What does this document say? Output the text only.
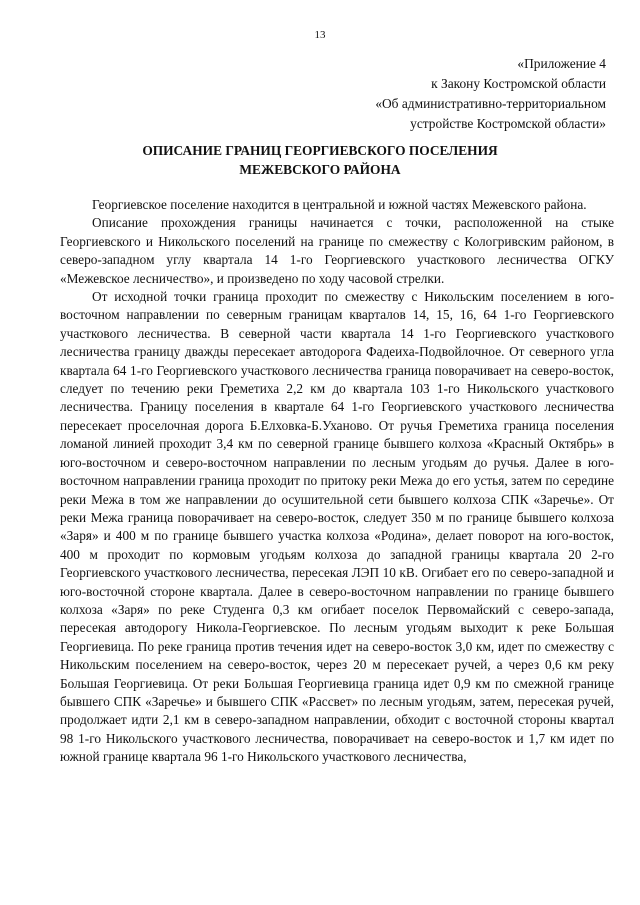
13
«Приложение 4
к Закону Костромской области
«Об административно-территориальном
устройстве Костромской области»
ОПИСАНИЕ ГРАНИЦ ГЕОРГИЕВСКОГО ПОСЕЛЕНИЯ
МЕЖЕВСКОГО РАЙОНА

Георгиевское поселение находится в центральной и южной частях Межевского района.

Описание прохождения границы начинается с точки, расположенной на стыке Георгиевского и Никольского поселений на границе по смежеству с Кологривским районом, в северо-западном углу квартала 14 1-го Георгиевского участкового лесничества ОГКУ «Межевское лесничество», и произведено по ходу часовой стрелки.

От исходной точки граница проходит по смежеству с Никольским поселением в юго-восточном направлении по северным границам кварталов 14, 15, 16, 64 1-го Георгиевского участкового лесничества. В северной части квартала 14 1-го Георгиевского участкового лесничества границу дважды пересекает автодорога Фадеиха-Подвойлочное. От северного угла квартала 64 1-го Георгиевского участкового лесничества граница поворачивает на северо-восток, следует по течению реки Греметиха 2,2 км до квартала 103 1-го Никольского участкового лесничества. Границу поселения в квартале 64 1-го Георгиевского участкового лесничества пересекает проселочная дорога Б.Елховка-Б.Уханово. От ручья Греметиха граница поселения ломаной линией проходит 3,4 км по северной границе бывшего колхоза «Красный Октябрь» в юго-восточном и северо-восточном направлении по лесным угодьям до ручья. Далее в юго-восточном направлении граница проходит по притоку реки Межа до его устья, затем по середине реки Межа в том же направлении до осушительной сети бывшего колхоза СПК «Заречье». От реки Межа граница поворачивает на северо-восток, следует 350 м по границе бывшего колхоза «Заря» и 400 м по границе бывшего участка колхоза «Родина», делает поворот на юго-восток, 400 м проходит по кормовым угодьям колхоза до западной границы квартала 20 2-го Георгиевского участкового лесничества, пересекая ЛЭП 10 кВ. Огибает его по северо-западной и юго-восточной стороне квартала. Далее в северо-восточном направлении по границе бывшего колхоза «Заря» по реке Студенга 0,3 км огибает поселок Первомайский с северо-запада, пересекая автодорогу Никола-Георгиевское. По лесным угодьям выходит к реке Большая Георгиевица. По реке граница против течения идет на северо-восток 3,0 км, идет по смежеству с Никольским поселением на северо-восток, через 20 м пересекает ручей, а через 0,6 км реку Большая Георгиевица. От реки Большая Георгиевица граница идет 0,9 км по смежной границе бывшего СПК «Заречье» и бывшего СПК «Рассвет» по лесным угодьям, затем, пересекая ручей, продолжает идти 2,1 км в северо-западном направлении, обходит с восточной стороны квартал 98 1-го Никольского участкового лесничества, поворачивает на северо-восток и 1,7 км идет по южной границе квартала 96 1-го Никольского участкового лесничества,
